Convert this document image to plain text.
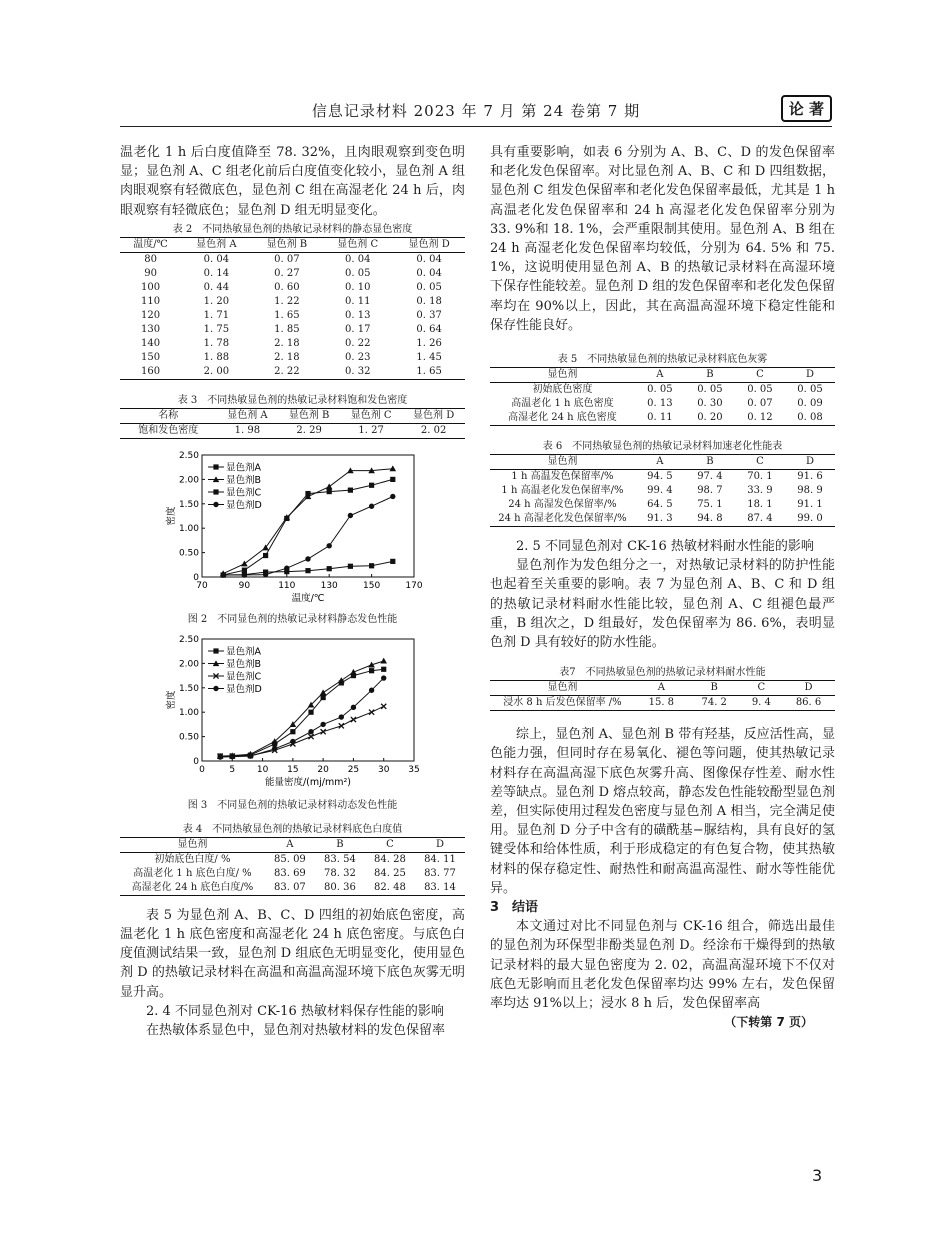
信息记录材料 2023 年 7 月 第 24 卷第 7 期	论 著

温老化 1 h 后白度值降至 78. 32%，且肉眼观察到变色明显；显色剂 A、C 组老化前后白度值变化较小，显色剂 A 组肉眼观察有轻微底色，显色剂 C 组在高湿老化 24 h 后，肉眼观察有轻微底色；显色剂 D 组无明显变化。

表 2　不同热敏显色剂的热敏记录材料的静态显色密度
温度/℃	显色剂 A	显色剂 B	显色剂 C	显色剂 D
80	0. 04	0. 07	0. 04	0. 04
90	0. 14	0. 27	0. 05	0. 04
100	0. 44	0. 60	0. 10	0. 05
110	1. 20	1. 22	0. 11	0. 18
120	1. 71	1. 65	0. 13	0. 37
130	1. 75	1. 85	0. 17	0. 64
140	1. 78	2. 18	0. 22	1. 26
150	1. 88	2. 18	0. 23	1. 45
160	2. 00	2. 22	0. 32	1. 65
表 3　不同热敏显色剂的热敏记录材料饱和发色密度
名称	显色剂 A	显色剂 B	显色剂 C	显色剂 D
饱和发色密度	1. 98	2. 29	1. 27	2. 02
70	90	110	130	150	170
0
0.50
1.00
1.50
2.00
2.50
温度/℃
密度
显色剂A
显色剂B
显色剂C
显色剂D
图 2　不同显色剂的热敏记录材料静态发色性能
0	5 10 15 20 25 30 35
0
0.50
1.00
1.50
2.00
2.50
能量密度/(mj/mm²)
密度
显色剂A
显色剂B
显色剂C
显色剂D
图 3　不同显色剂的热敏记录材料动态发色性能
表 4　不同热敏显色剂的热敏记录材料底色白度值
显色剂	A	B	C	D
初始底色白度/ %	85. 09	83. 54	84. 28	84. 11
高温老化 1 h 底色白度/ %	83. 69	78. 32	84. 25	83. 77
高湿老化 24 h 底色白度/%	83. 07	80. 36	82. 48	83. 14

表 5 为显色剂 A、B、C、D 四组的初始底色密度，高温老化 1 h 底色密度和高湿老化 24 h 底色密度。与底色白度值测试结果一致，显色剂 D 组底色无明显变化，使用显色剂 D 的热敏记录材料在高温和高温高湿环境下底色灰雾无明显升高。

2. 4 不同显色剂对 CK-16 热敏材料保存性能的影响

在热敏体系显色中，显色剂对热敏材料的发色保留率

具有重要影响，如表 6 分别为 A、B、C、D 的发色保留率和老化发色保留率。对比显色剂 A、B、C 和 D 四组数据，显色剂 C 组发色保留率和老化发色保留率最低，尤其是 1 h 高温老化发色保留率和 24 h 高湿老化发色保留率分别为 33. 9%和 18. 1%，会严重限制其使用。显色剂 A、B 组在 24 h 高湿老化发色保留率均较低，分别为 64. 5% 和 75. 1%，这说明使用显色剂 A、B 的热敏记录材料在高湿环境下保存性能较差。显色剂 D 组的发色保留率和老化发色保留率均在 90%以上，因此，其在高温高湿环境下稳定性能和保存性能良好。

表 5　不同热敏显色剂的热敏记录材料底色灰雾
显色剂	A	B	C	D
初始底色密度	0. 05	0. 05	0. 05	0. 05
高温老化 1 h 底色密度	0. 13	0. 30	0. 07	0. 09
高湿老化 24 h 底色密度	0. 11	0. 20	0. 12	0. 08
表 6　不同热敏显色剂的热敏记录材料加速老化性能表
显色剂	A	B	C	D
1 h 高温发色保留率/%	94. 5	97. 4	70. 1	91. 6
1 h 高温老化发色保留率/%	99. 4	98. 7	33. 9	98. 9
24 h 高湿发色保留率/%	64. 5	75. 1	18. 1	91. 1
24 h 高湿老化发色保留率/%	91. 3	94. 8	87. 4	99. 0

2. 5 不同显色剂对 CK-16 热敏材料耐水性能的影响

显色剂作为发色组分之一，对热敏记录材料的防护性能也起着至关重要的影响。表 7 为显色剂 A、B、C 和 D 组的热敏记录材料耐水性能比较，显色剂 A、C 组褪色最严重，B 组次之，D 组最好，发色保留率为 86. 6%，表明显色剂 D 具有较好的防水性能。

表7　不同热敏显色剂的热敏记录材料耐水性能
显色剂	A	B	C	D
浸水 8 h 后发色保留率 /%	15. 8	74. 2	9. 4	86. 6

综上，显色剂 A、显色剂 B 带有羟基，反应活性高，显色能力强，但同时存在易氧化、褪色等问题，使其热敏记录材料存在高温高湿下底色灰雾升高、图像保存性差、耐水性差等缺点。显色剂 D 熔点较高，静态发色性能较酚型显色剂差，但实际使用过程发色密度与显色剂 A 相当，完全满足使用。显色剂 D 分子中含有的磺酰基−脲结构，具有良好的氢键受体和给体性质，利于形成稳定的有色复合物，使其热敏材料的保存稳定性、耐热性和耐高温高湿性、耐水等性能优异。

3　结语

本文通过对比不同显色剂与 CK-16 组合，筛选出最佳的显色剂为环保型非酚类显色剂 D。经涂布干燥得到的热敏记录材料的最大显色密度为 2. 02，高温高湿环境下不仅对底色无影响而且老化发色保留率均达 99% 左右，发色保留率均达 91%以上；浸水 8 h 后，发色保留率高

（下转第 7 页）
3
